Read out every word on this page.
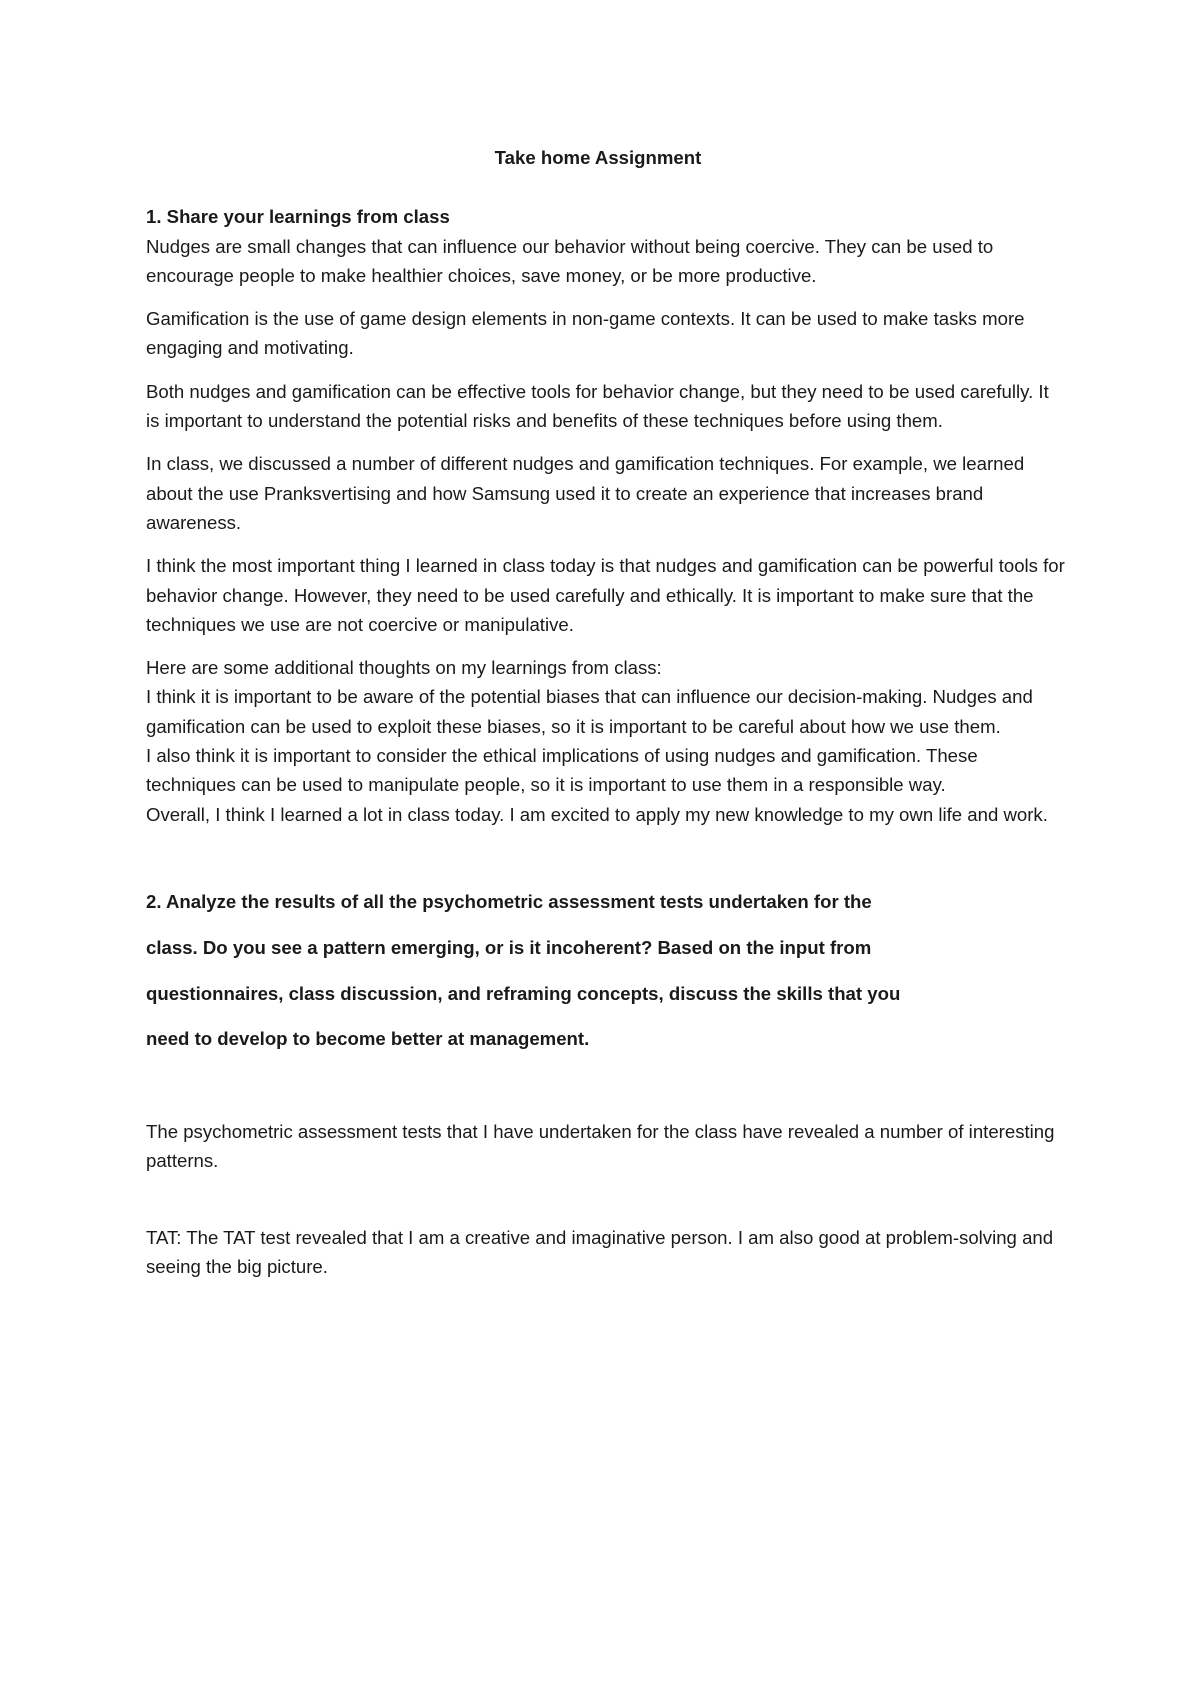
Take home Assignment
1. Share your learnings from class

Nudges are small changes that can influence our behavior without being coercive. They can be used to encourage people to make healthier choices, save money, or be more productive.

Gamification is the use of game design elements in non-game contexts. It can be used to make tasks more engaging and motivating.

Both nudges and gamification can be effective tools for behavior change, but they need to be used carefully. It is important to understand the potential risks and benefits of these techniques before using them.

In class, we discussed a number of different nudges and gamification techniques. For example, we learned about the use Pranksvertising and how Samsung used it to create an experience that increases brand awareness.

I think the most important thing I learned in class today is that nudges and gamification can be powerful tools for behavior change. However, they need to be used carefully and ethically. It is important to make sure that the techniques we use are not coercive or manipulative.

Here are some additional thoughts on my learnings from class:

I think it is important to be aware of the potential biases that can influence our decision-making. Nudges and gamification can be used to exploit these biases, so it is important to be careful about how we use them.

I also think it is important to consider the ethical implications of using nudges and gamification. These techniques can be used to manipulate people, so it is important to use them in a responsible way.

Overall, I think I learned a lot in class today. I am excited to apply my new knowledge to my own life and work.

2. Analyze the results of all the psychometric assessment tests undertaken for the

class. Do you see a pattern emerging, or is it incoherent? Based on the input from

questionnaires, class discussion, and reframing concepts, discuss the skills that you

need to develop to become better at management.

The psychometric assessment tests that I have undertaken for the class have revealed a number of interesting patterns.

TAT: The TAT test revealed that I am a creative and imaginative person. I am also good at problem-solving and seeing the big picture.
